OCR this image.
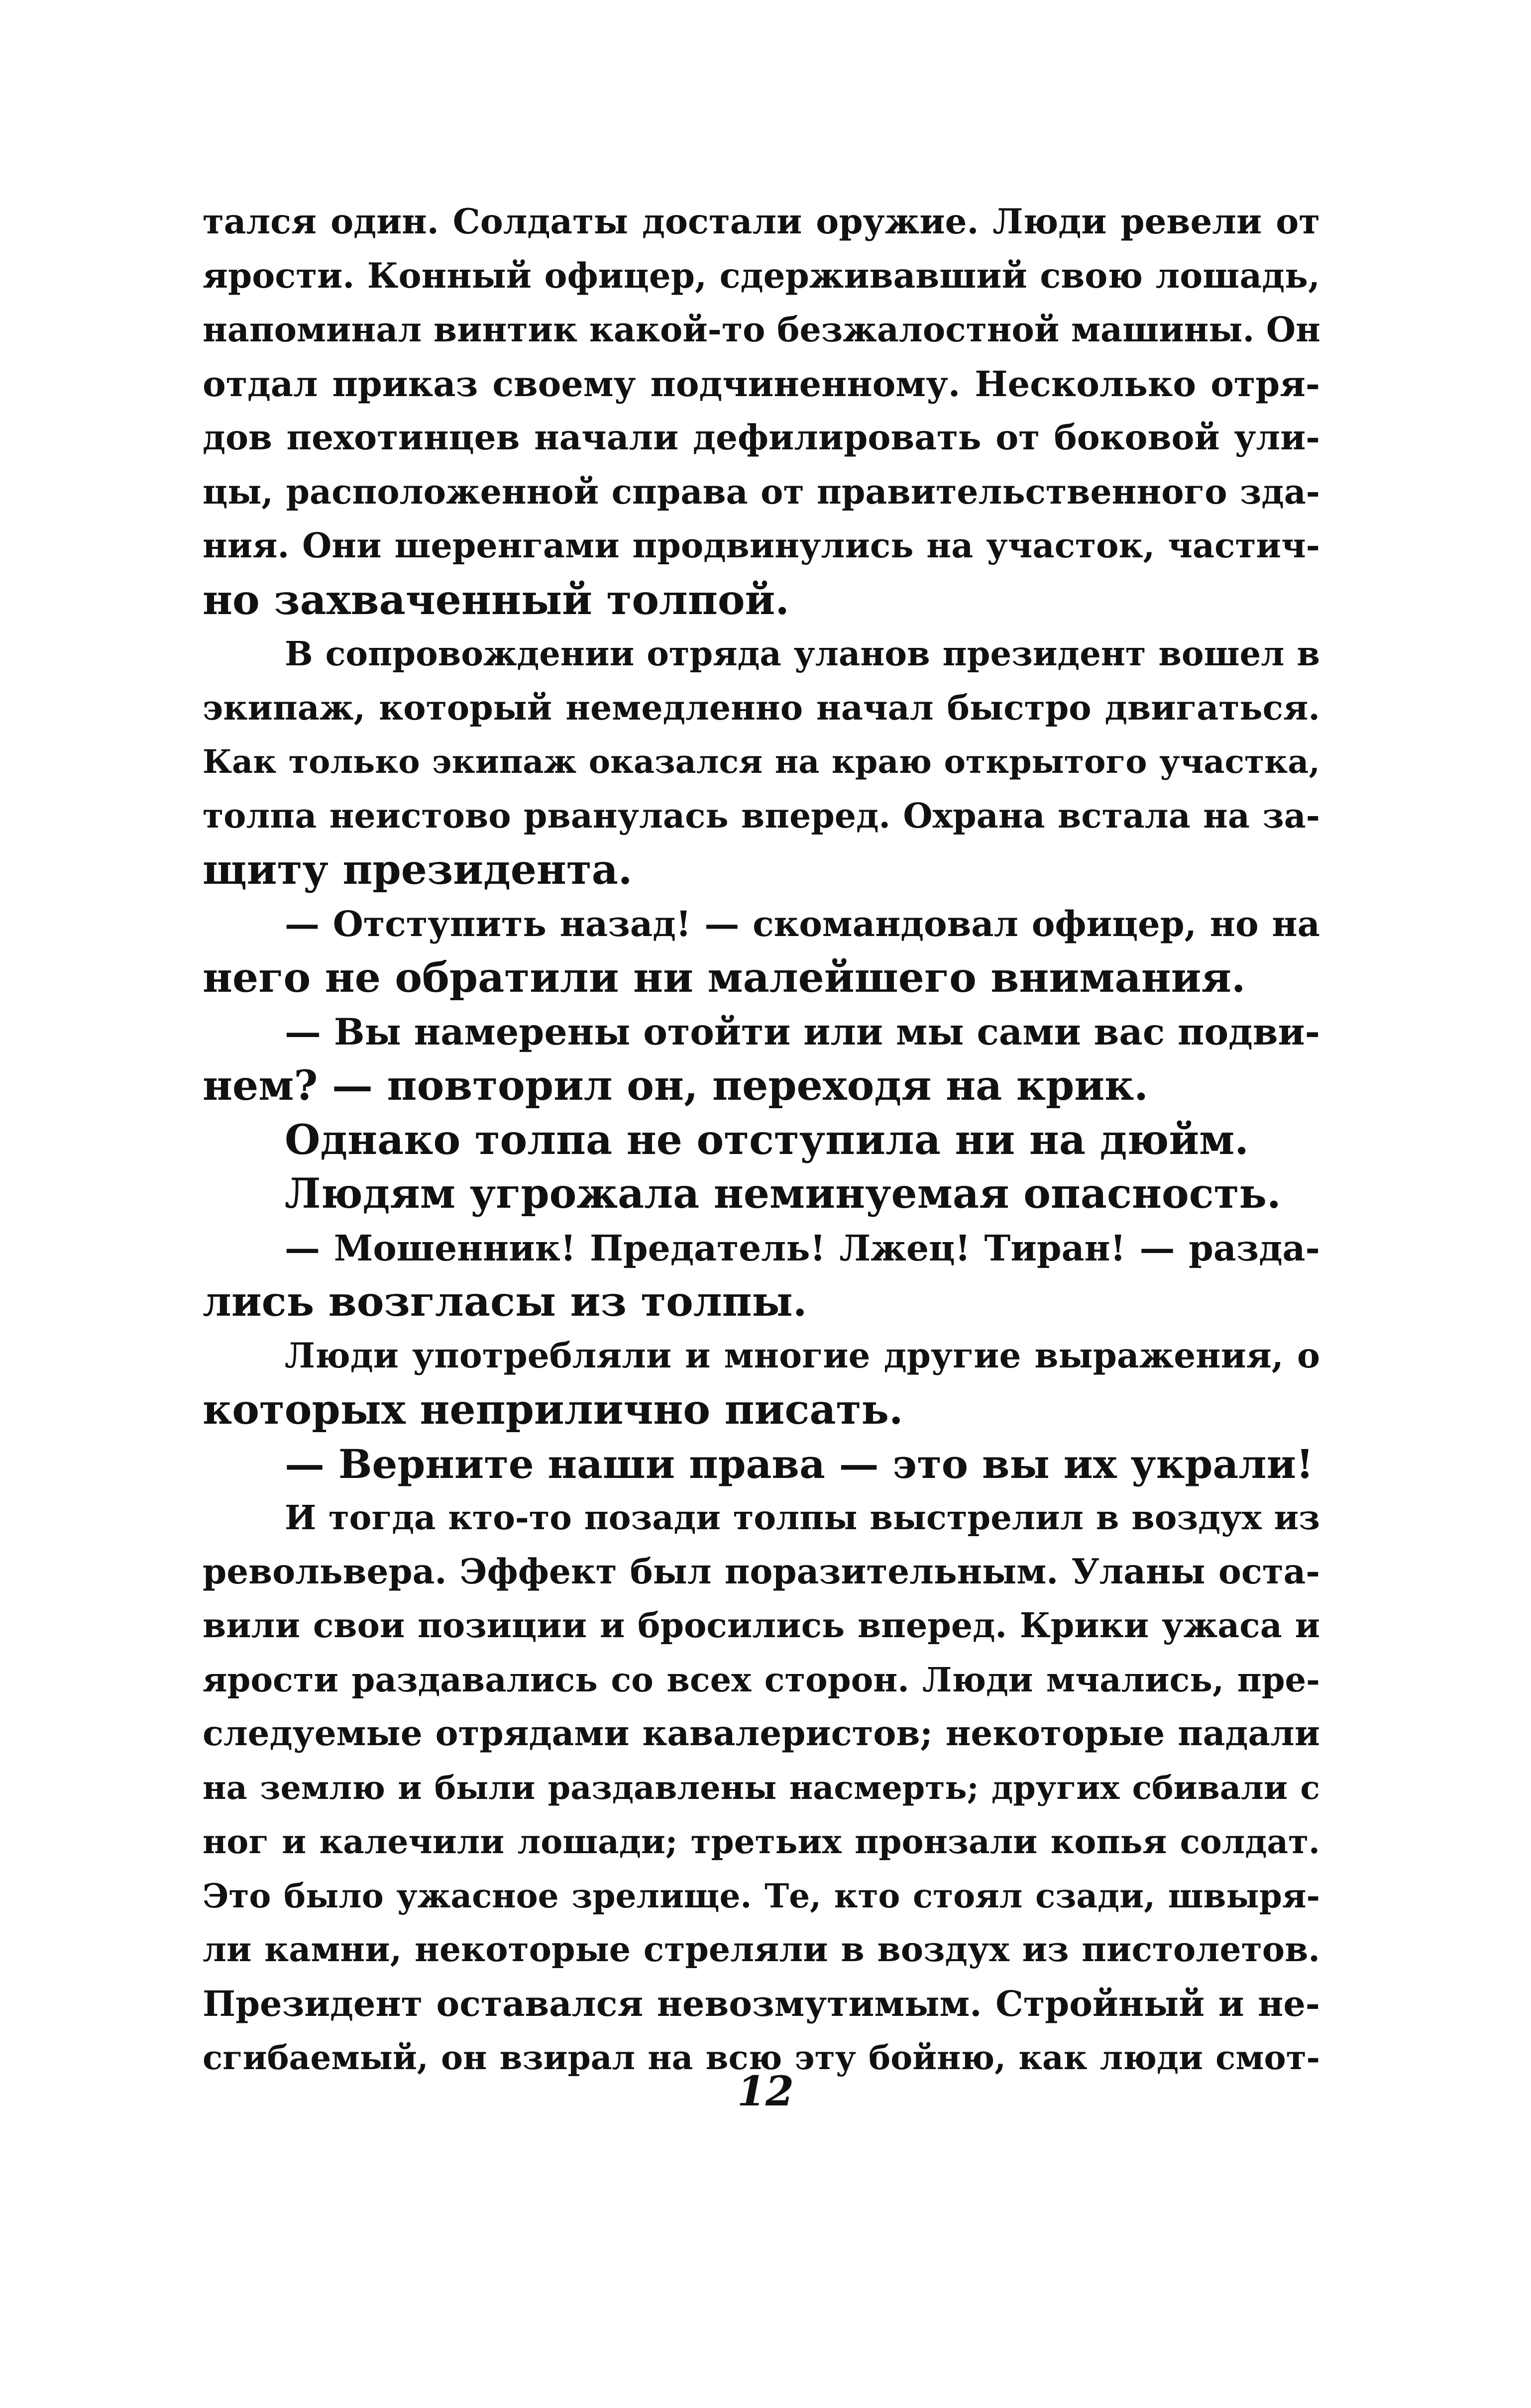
тался один. Солдаты достали оружие. Люди ревели от
ярости. Конный офицер, сдерживавший свою лошадь,
напоминал винтик какой-то безжалостной машины. Он
отдал приказ своему подчиненному. Несколько отря-
дов пехотинцев начали дефилировать от боковой ули-
цы, расположенной справа от правительственного зда-
ния. Они шеренгами продвинулись на участок, частич-
но захваченный толпой.
В сопровождении отряда уланов президент вошел в
экипаж, который немедленно начал быстро двигаться.
Как только экипаж оказался на краю открытого участка,
толпа неистово рванулась вперед. Охрана встала на за-
щиту президента.
— Отступить назад! — скомандовал офицер, но на
него не обратили ни малейшего внимания.
— Вы намерены отойти или мы сами вас подви-
нем? — повторил он, переходя на крик.
Однако толпа не отступила ни на дюйм.
Людям угрожала неминуемая опасность.
— Мошенник! Предатель! Лжец! Тиран! — разда-
лись возгласы из толпы.
Люди употребляли и многие другие выражения, о
которых неприлично писать.
— Верните наши права — это вы их украли!
И тогда кто-то позади толпы выстрелил в воздух из
револьвера. Эффект был поразительным. Уланы оста-
вили свои позиции и бросились вперед. Крики ужаса и
ярости раздавались со всех сторон. Люди мчались, пре-
следуемые отрядами кавалеристов; некоторые падали
на землю и были раздавлены насмерть; других сбивали с
ног и калечили лошади; третьих пронзали копья солдат.
Это было ужасное зрелище. Те, кто стоял сзади, швыря-
ли камни, некоторые стреляли в воздух из пистолетов.
Президент оставался невозмутимым. Стройный и не-
сгибаемый, он взирал на всю эту бойню, как люди смот-
12
